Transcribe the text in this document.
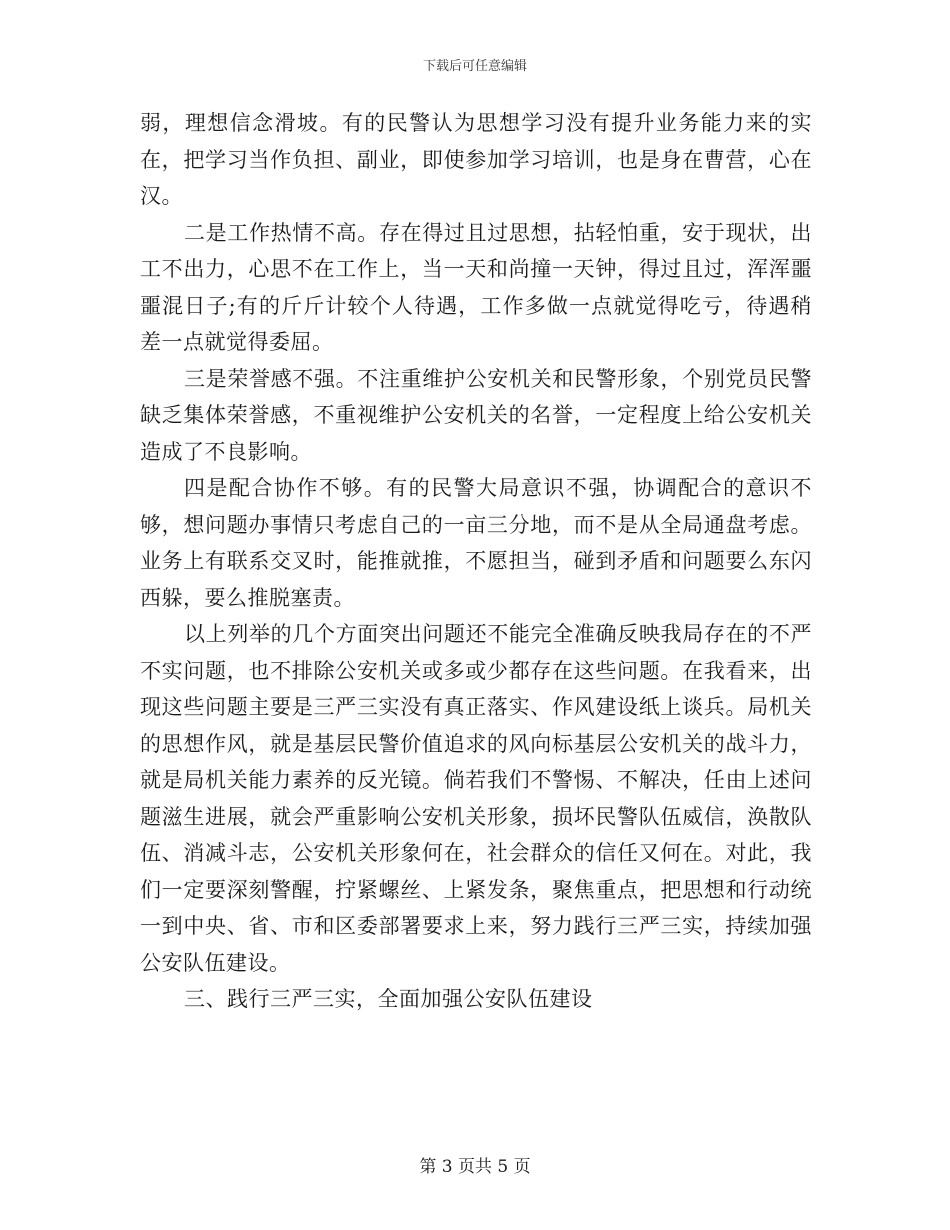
下载后可任意编辑

弱，理想信念滑坡。有的民警认为思想学习没有提升业务能力来的实在，把学习当作负担、副业，即使参加学习培训，也是身在曹营，心在汉。

二是工作热情不高。存在得过且过思想，拈轻怕重，安于现状，出工不出力，心思不在工作上，当一天和尚撞一天钟，得过且过，浑浑噩噩混日子;有的斤斤计较个人待遇，工作多做一点就觉得吃亏，待遇稍差一点就觉得委屈。

三是荣誉感不强。不注重维护公安机关和民警形象，个别党员民警缺乏集体荣誉感，不重视维护公安机关的名誉，一定程度上给公安机关造成了不良影响。

四是配合协作不够。有的民警大局意识不强，协调配合的意识不够，想问题办事情只考虑自己的一亩三分地，而不是从全局通盘考虑。业务上有联系交叉时，能推就推，不愿担当，碰到矛盾和问题要么东闪西躲，要么推脱塞责。

以上列举的几个方面突出问题还不能完全准确反映我局存在的不严不实问题，也不排除公安机关或多或少都存在这些问题。在我看来，出现这些问题主要是三严三实没有真正落实、作风建设纸上谈兵。局机关的思想作风，就是基层民警价值追求的风向标基层公安机关的战斗力，就是局机关能力素养的反光镜。倘若我们不警惕、不解决，任由上述问题滋生进展，就会严重影响公安机关形象，损坏民警队伍威信，涣散队伍、消减斗志，公安机关形象何在，社会群众的信任又何在。对此，我们一定要深刻警醒，拧紧螺丝、上紧发条，聚焦重点，把思想和行动统一到中央、省、市和区委部署要求上来，努力践行三严三实，持续加强公安队伍建设。

三、践行三严三实，全面加强公安队伍建设

第 3 页共 5 页
